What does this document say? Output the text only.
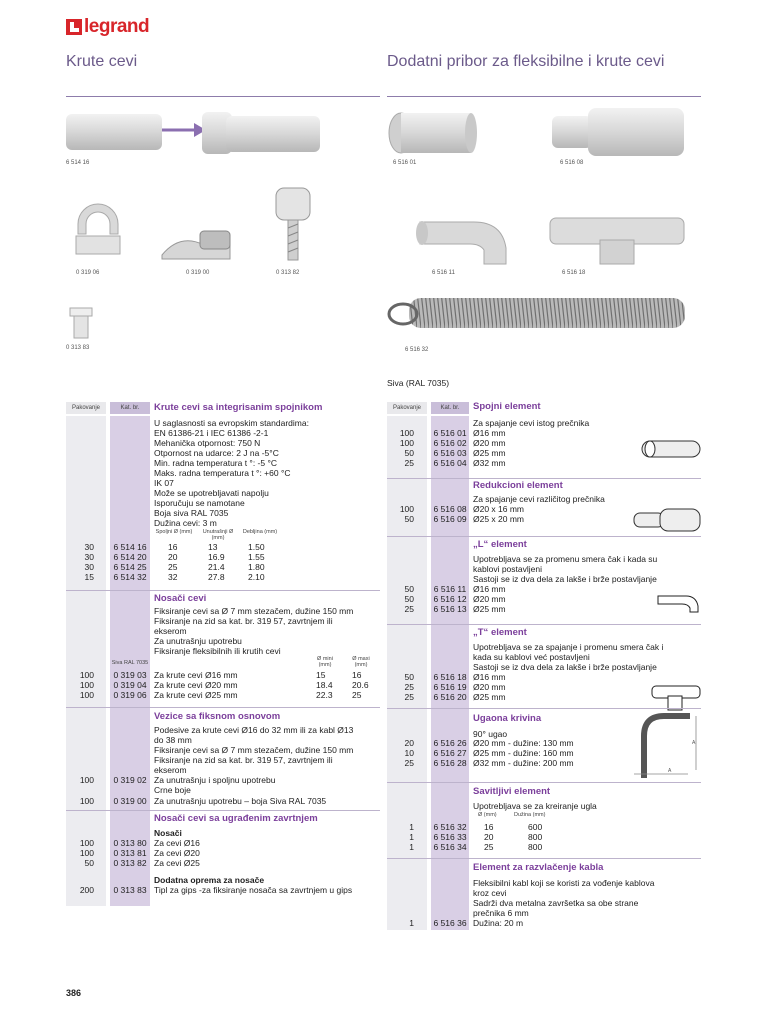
legrand
Krute cevi	Dodatni pribor za fleksibilne i krute cevi
6 514 16
0 319 06	0 319 00	0 313 82
0 313 83
6 516 01	6 516 08
6 516 11	6 516 18
6 516 32
Siva (RAL 7035)
Pakovanje	Kat. br.	Krute cevi sa integrisanim spojnikom
Spoljni Ø (mm)	Unutrašnji Ø (mm)
Debljina (mm)
Nosači cevi
Siva RAL 7035
Ø mini (mm)
Ø maxi (mm)
Vezice sa fiksnom osnovom
100	0 319 02 Za unutrašnju i spoljnu upotrebu
Crne boje
100	0 319 00 Za unutrašnju upotrebu – boja Siva RAL 7035
Nosači cevi sa ugrađenim zavrtnjem
Nosači
Dodatna oprema za nosače
200	0 313 83 Tipl za gips -za fiksiranje nosača sa zavrtnjem u gips
Pakovanje	Kat. br.
A
A
386
U saglasnosti sa evropskim standardima:
EN 61386-21 i IEC 61386 -2-1
Mehanička otpornost: 750 N
Otpornost na udarce: 2 J na -5°C
Min. radna temperatura t °: -5 °C
Maks. radna temperatura t °: +60 °C
IK 07
Može se upotrebljavati napolju
Isporučuju se namotane
Boja siva RAL 7035
Dužina cevi: 3 m
30	6 514 16	16	13	1.50
30	6 514 20	20	16.9	1.55
30	6 514 25	25	21.4	1.80
15	6 514 32	32	27.8	2.10
Fiksiranje cevi sa Ø 7 mm stezačem, dužine 150 mm
Fiksiranje na zid sa kat. br. 319 57, zavrtnjem ili
ekserom
Za unutrašnju upotrebu
Fiksiranje fleksibilnih ili krutih cevi
100	0 319 03 Za krute cevi Ø16 mm	15	16
100	0 319 04 Za krute cevi Ø20 mm	18.4 20.6
100	0 319 06 Za krute cevi Ø25 mm	22.3 25
Podesive za krute cevi Ø16 do 32 mm ili za kabl Ø13
do 38 mm
Fiksiranje cevi sa Ø 7 mm stezačem, dužine 150 mm
Fiksiranje na zid sa kat. br. 319 57, zavrtnjem ili
ekserom
100	0 313 80 Za cevi Ø16
100	0 313 81 Za cevi Ø20
50	0 313 82 Za cevi Ø25
Spojni element
Za spajanje cevi istog prečnika
100	6 516 01 Ø16 mm
100	6 516 02 Ø20 mm
50	6 516 03 Ø25 mm
25	6 516 04 Ø32 mm
Redukcioni element
Za spajanje cevi različitog prečnika
100	6 516 08 Ø20 x 16 mm
50	6 516 09 Ø25 x 20 mm
„L“ element
Upotrebljava se za promenu smera čak i kada su
kablovi postavljeni
Sastoji se iz dva dela za lakše i brže postavljanje
50	6 516 11 Ø16 mm
50	6 516 12 Ø20 mm
25	6 516 13 Ø25 mm
„T“ element
Upotrebljava se za spajanje i promenu smera čak i
kada su kablovi već postavljeni
Sastoji se iz dva dela za lakše i brže postavljanje
50	6 516 18 Ø16 mm
25	6 516 19 Ø20 mm
25	6 516 20 Ø25 mm
Ugaona krivina
90° ugao
20	6 516 26 Ø20 mm - dužine: 130 mm
10	6 516 27 Ø25 mm - dužine: 160 mm
25	6 516 28 Ø32 mm - dužine: 200 mm
Savitljivi element
Upotrebljava se za kreiranje ugla
Ø (mm)	Dužina (mm)
1	6 516 32	16	600
1	6 516 33	20	800
1	6 516 34	25	800
Element za razvlačenje kabla
Fleksibilni kabl koji se koristi za vođenje kablova
kroz cevi
Sadrži dva metalna završetka sa obe strane
prečnika 6 mm
Dužina: 20 m
1	6 516 36
